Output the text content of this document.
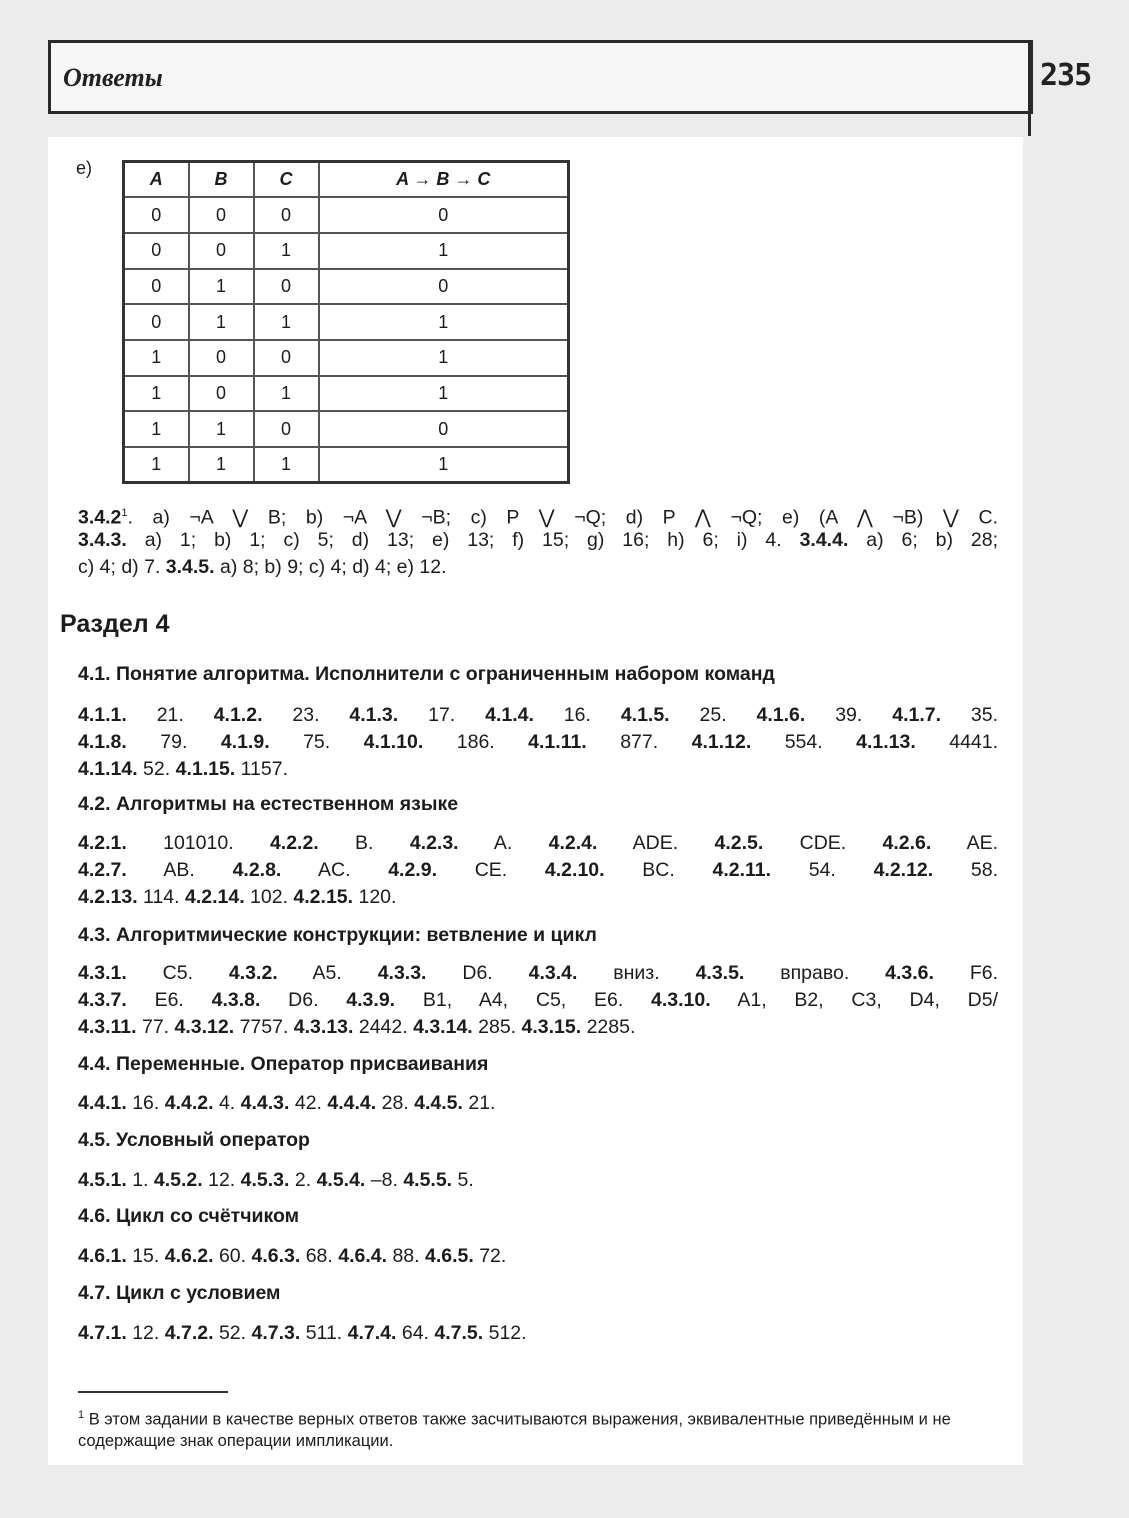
Ответы	235
e)
A	B	C	A → B → C
0	0	0	0
0	0	1	1
0	1	0	0
0	1	1	1
1	0	0	1
1	0	1	1
1	1	0	0
1	1	1	1
3.4.2$^1$. a) ¬A ⋁ B; b) ¬A ⋁ ¬B; c) P ⋁ ¬Q; d) P ⋀ ¬Q; e) (A ⋀ ¬B) ⋁ C.
3.4.3. a) 1; b) 1; c) 5; d) 13; e) 13; f) 15; g) 16; h) 6; i) 4. 3.4.4. a) 6; b) 28;
c) 4; d) 7. 3.4.5. a) 8; b) 9; c) 4; d) 4; e) 12.
Раздел 4
4.1. Понятие алгоритма. Исполнители с ограниченным набором команд
4.1.1. 21. 4.1.2. 23. 4.1.3. 17. 4.1.4. 16. 4.1.5. 25. 4.1.6. 39. 4.1.7. 35.
4.1.8. 79. 4.1.9. 75. 4.1.10. 186. 4.1.11. 877. 4.1.12. 554. 4.1.13. 4441.
4.1.14. 52. 4.1.15. 1157.
4.2. Алгоритмы на естественном языке
4.2.1. 101010. 4.2.2. B. 4.2.3. A. 4.2.4. ADE. 4.2.5. CDE. 4.2.6. AE.
4.2.7. AB. 4.2.8. AC. 4.2.9. CE. 4.2.10. BC. 4.2.11. 54. 4.2.12. 58.
4.2.13. 114. 4.2.14. 102. 4.2.15. 120.
4.3. Алгоритмические конструкции: ветвление и цикл
4.3.1. C5. 4.3.2. A5. 4.3.3. D6. 4.3.4. вниз. 4.3.5. вправо. 4.3.6. F6.
4.3.7. E6. 4.3.8. D6. 4.3.9. B1, A4, C5, E6. 4.3.10. A1, B2, C3, D4, D5/
4.3.11. 77. 4.3.12. 7757. 4.3.13. 2442. 4.3.14. 285. 4.3.15. 2285.
4.4. Переменные. Оператор присваивания
4.4.1. 16. 4.4.2. 4. 4.4.3. 42. 4.4.4. 28. 4.4.5. 21.
4.5. Условный оператор
4.5.1. 1. 4.5.2. 12. 4.5.3. 2. 4.5.4. –8. 4.5.5. 5.
4.6. Цикл со счётчиком
4.6.1. 15. 4.6.2. 60. 4.6.3. 68. 4.6.4. 88. 4.6.5. 72.
4.7. Цикл с условием
4.7.1. 12. 4.7.2. 52. 4.7.3. 511. 4.7.4. 64. 4.7.5. 512.
$^1$ В этом задании в качестве верных ответов также засчитываются выражения, эквивалентные приведённым и не содержащие знак операции импликации.
